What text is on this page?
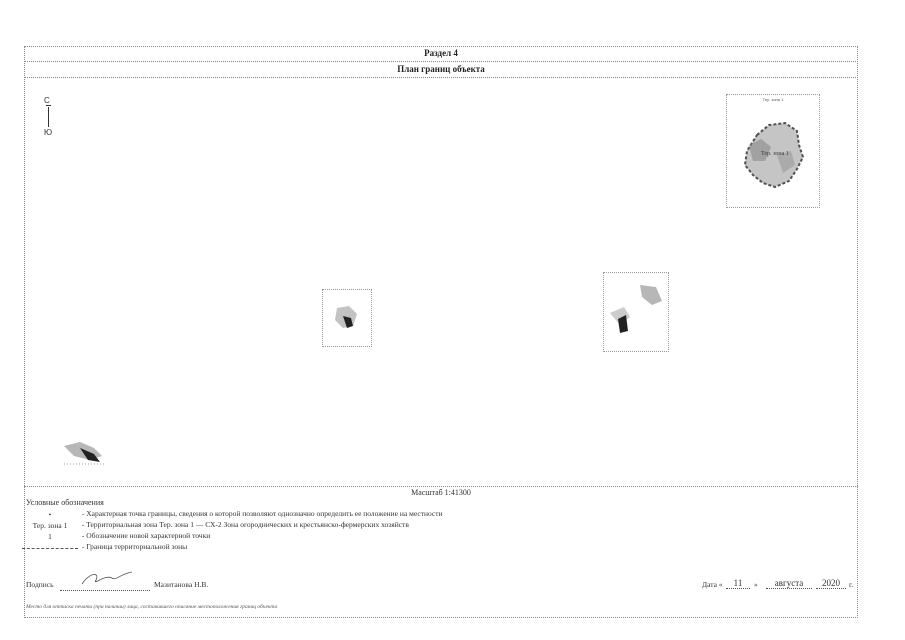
Раздел 4
План границ объекта
С
Ю
Тер. зона 1
Тер. зона 1
Масштаб 1:41300
Условные обозначения
•	- Характерная точка границы, сведения о которой позволяют однозначно определить ее положение на местности
Тер. зона 1 - Территориальная зона Тер. зона 1 — СХ-2 Зона огороднических и крестьянско-фермерских хозяйств
1	- Обозначение новой характерной точки
- Граница территориальной зоны
Подпись	Мазитанова Н.В.	Дата «	11	»	августа	2020	г.
Место для оттиска печати (при наличии) лица, составившего описание местоположения границ объекта
